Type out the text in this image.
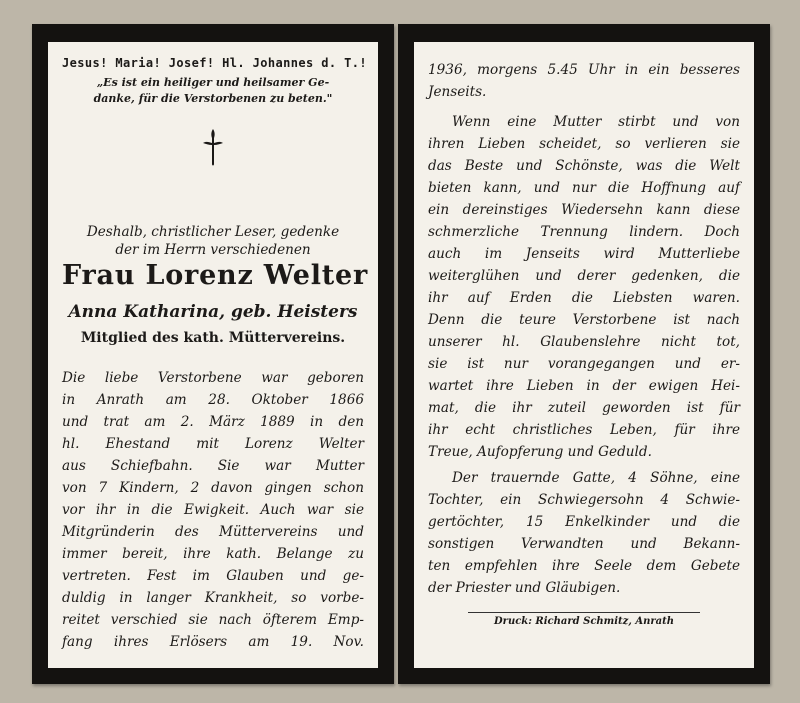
Jesus! Maria! Josef! Hl. Johannes d. T.!
„Es ist ein heiliger und heilsamer Ge-
danke, für die Verstorbenen zu beten."
Deshalb, christlicher Leser, gedenke
der im Herrn verschiedenen
Frau Lorenz Welter
Anna Katharina, geb. Heisters
Mitglied des kath. Müttervereins.
Die liebe Verstorbene war geboren
in Anrath am 28. Oktober 1866
und trat am 2. März 1889 in den
hl. Ehestand mit Lorenz Welter
aus Schiefbahn. Sie war Mutter
von 7 Kindern, 2 davon gingen schon
vor ihr in die Ewigkeit. Auch war sie
Mitgründerin des Müttervereins und
immer bereit, ihre kath. Belange zu
vertreten. Fest im Glauben und ge-
duldig in langer Krankheit, so vorbe-
reitet verschied sie nach öfterem Emp-
fang ihres Erlösers am 19. Nov.
1936, morgens 5.45 Uhr in ein besseres
Jenseits.
Wenn eine Mutter stirbt und von
ihren Lieben scheidet, so verlieren sie
das Beste und Schönste, was die Welt
bieten kann, und nur die Hoffnung auf
ein dereinstiges Wiedersehn kann diese
schmerzliche Trennung lindern. Doch
auch im Jenseits wird Mutterliebe
weiterglühen und derer gedenken, die
ihr auf Erden die Liebsten waren.
Denn die teure Verstorbene ist nach
unserer hl. Glaubenslehre nicht tot,
sie ist nur vorangegangen und er-
wartet ihre Lieben in der ewigen Hei-
mat, die ihr zuteil geworden ist für
ihr echt christliches Leben, für ihre
Treue, Aufopferung und Geduld.
Der trauernde Gatte, 4 Söhne, eine
Tochter, ein Schwiegersohn 4 Schwie-
gertöchter, 15 Enkelkinder und die
sonstigen Verwandten und Bekann-
ten empfehlen ihre Seele dem Gebete
der Priester und Gläubigen.
Druck: Richard Schmitz, Anrath
